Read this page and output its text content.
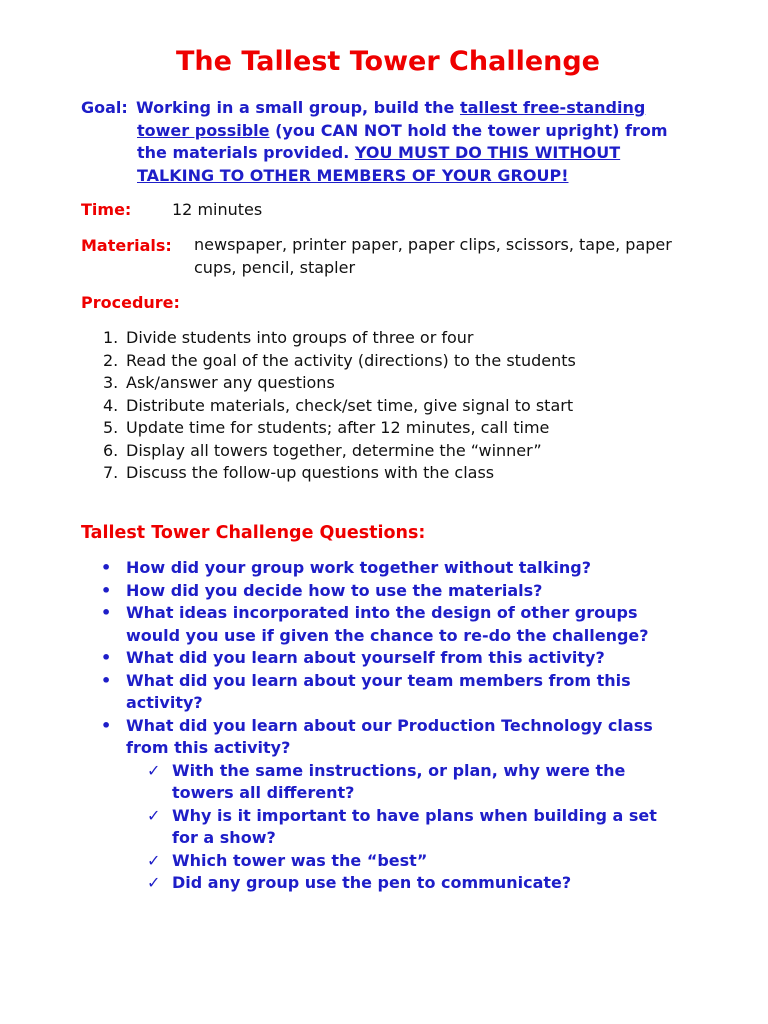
The Tallest Tower Challenge
Goal: Working in a small group, build the tallest free-standing tower possible (you CAN NOT hold the tower upright) from the materials provided. YOU MUST DO THIS WITHOUT TALKING TO OTHER MEMBERS OF YOUR GROUP!
Time:	12 minutes
Materials: newspaper, printer paper, paper clips, scissors, tape, paper cups, pencil, stapler
Procedure:
1. Divide students into groups of three or four
2. Read the goal of the activity (directions) to the students
3. Ask/answer any questions
4. Distribute materials, check/set time, give signal to start
5. Update time for students; after 12 minutes, call time
6. Display all towers together, determine the “winner”
7. Discuss the follow-up questions with the class
Tallest Tower Challenge Questions:
• How did your group work together without talking?
• How did you decide how to use the materials?
• What ideas incorporated into the design of other groups would you use if given the chance to re-do the challenge?
• What did you learn about yourself from this activity?
• What did you learn about your team members from this activity?
• What did you learn about our Production Technology class from this activity?
✓ With the same instructions, or plan, why were the towers all different?
✓ Why is it important to have plans when building a set for a show?
✓ Which tower was the “best”
✓ Did any group use the pen to communicate?
